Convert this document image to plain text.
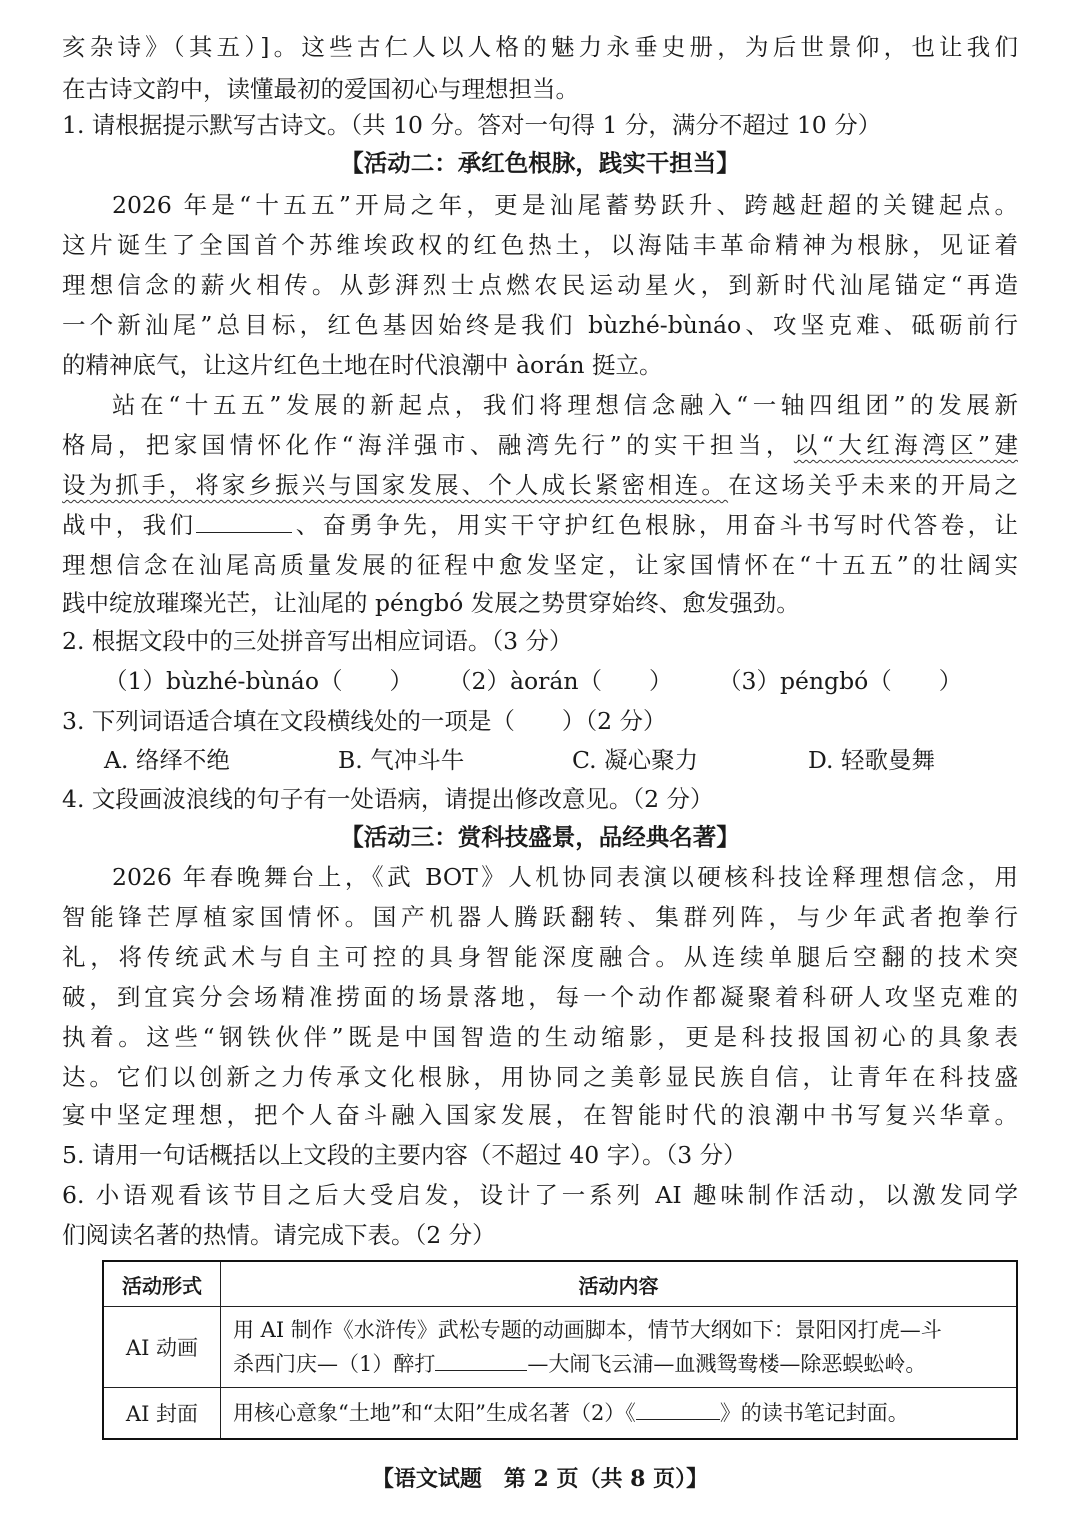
亥杂诗》（其五）]。这些古仁人以人格的魅力永垂史册，为后世景仰，也让我们
在古诗文韵中，读懂最初的爱国初心与理想担当。
1. 请根据提示默写古诗文。（共 10 分。答对一句得 1 分，满分不超过 10 分）
【活动二：承红色根脉，践实干担当】
2026 年是“十五五”开局之年，更是汕尾蓄势跃升、跨越赶超的关键起点。
这片诞生了全国首个苏维埃政权的红色热土，以海陆丰革命精神为根脉，见证着
理想信念的薪火相传。从彭湃烈士点燃农民运动星火，到新时代汕尾锚定“再造
一个新汕尾”总目标，红色基因始终是我们 bùzhé-bùnáo、攻坚克难、砥砺前行
的精神底气，让这片红色土地在时代浪潮中 àorán 挺立。
站在“十五五”发展的新起点，我们将理想信念融入“一轴四组团”的发展新
格局，把家国情怀化作“海洋强市、融湾先行”的实干担当，以“大红海湾区”建
设为抓手，将家乡振兴与国家发展、个人成长紧密相连。在这场关乎未来的开局之
战中，我们	、奋勇争先，用实干守护红色根脉，用奋斗书写时代答卷，让
理想信念在汕尾高质量发展的征程中愈发坚定，让家国情怀在“十五五”的壮阔实
践中绽放璀璨光芒，让汕尾的 péngbó 发展之势贯穿始终、愈发强劲。
2. 根据文段中的三处拼音写出相应词语。（3 分）
（1）bùzhé-bùnáo（　　） （2）àorán（　　） （3）péngbó（　　）
3. 下列词语适合填在文段横线处的一项是（　　）（2 分）
A. 络绎不绝	B. 气冲斗牛	C. 凝心聚力	D. 轻歌曼舞
4. 文段画波浪线的句子有一处语病，请提出修改意见。（2 分）
【活动三：赏科技盛景，品经典名著】
2026 年春晚舞台上，《武 BOT》人机协同表演以硬核科技诠释理想信念，用
智能锋芒厚植家国情怀。国产机器人腾跃翻转、集群列阵，与少年武者抱拳行
礼，将传统武术与自主可控的具身智能深度融合。从连续单腿后空翻的技术突
破，到宜宾分会场精准捞面的场景落地，每一个动作都凝聚着科研人攻坚克难的
执着。这些“钢铁伙伴”既是中国智造的生动缩影，更是科技报国初心的具象表
达。它们以创新之力传承文化根脉，用协同之美彰显民族自信，让青年在科技盛
宴中坚定理想，把个人奋斗融入国家发展，在智能时代的浪潮中书写复兴华章。
5. 请用一句话概括以上文段的主要内容（不超过 40 字）。（3 分）
6. 小语观看该节目之后大受启发，设计了一系列 AI 趣味制作活动，以激发同学
们阅读名著的热情。请完成下表。（2 分）
活动形式	活动内容
AI 动画	用 AI 制作《水浒传》武松专题的动画脚本，情节大纲如下：景阳冈打虎—斗
杀西门庆—（1）醉打 —大闹飞云浦—血溅鸳鸯楼—除恶蜈蚣岭。

AI 封面	用核心意象“土地”和“太阳”生成名著（2）《 》的读书笔记封面。
【语文试题　第 2 页（共 8 页）】
